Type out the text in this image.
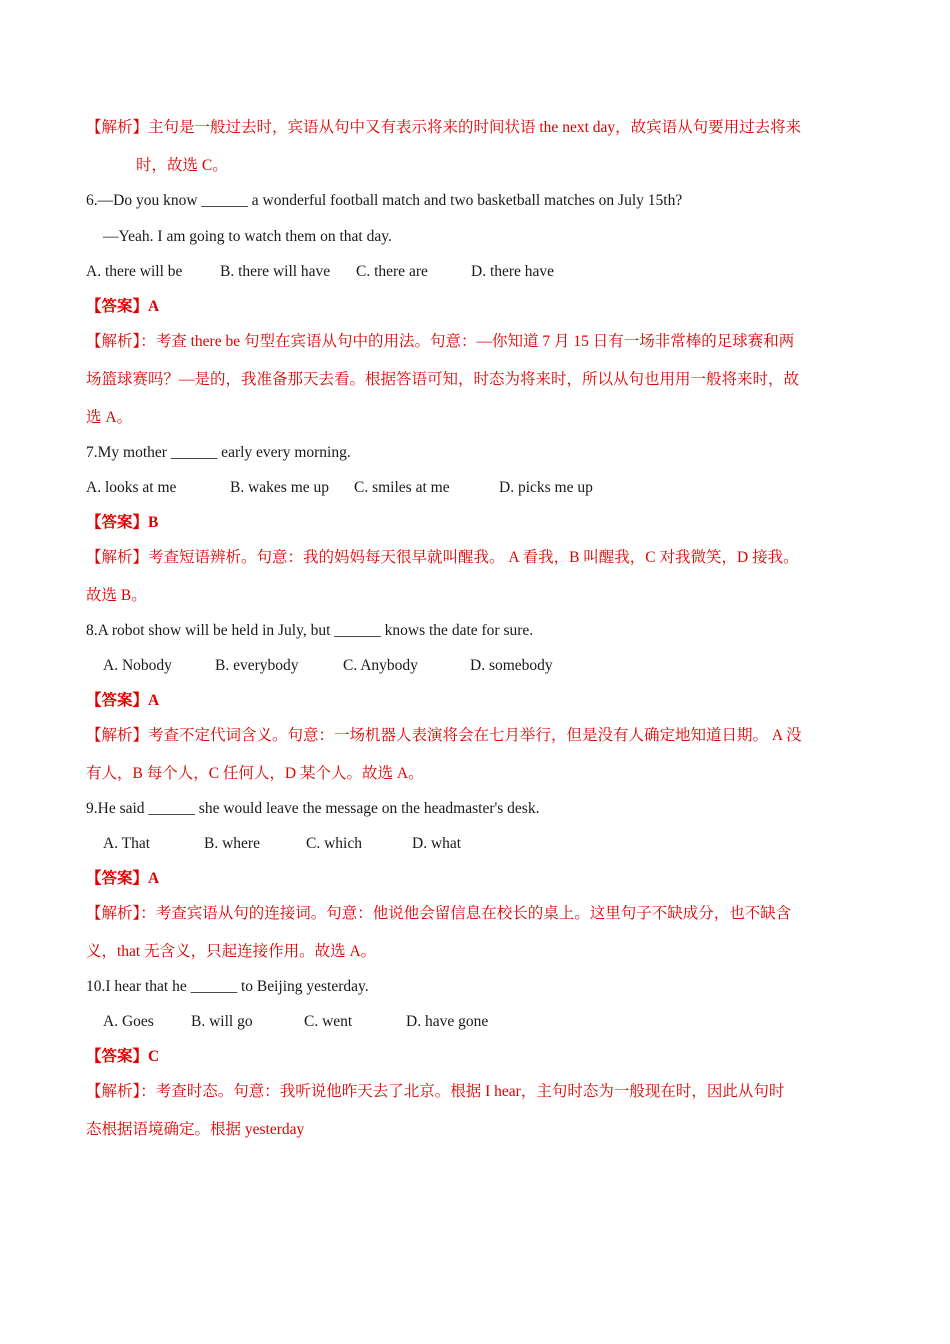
【解析】主句是一般过去时，宾语从句中又有表示将来的时间状语 the next day，故宾语从句要用过去将来
时，故选 C。
6.—Do you know ______ a wonderful football match and two basketball matches on July 15th?
—Yeah. I am going to watch them on that day.
A. there will be B. there will have C. there are	D. there have
【答案】A
【解析】：考查 there be 句型在宾语从句中的用法。句意：—你知道 7 月 15 日有一场非常棒的足球赛和两
场篮球赛吗？—是的，我准备那天去看。根据答语可知，时态为将来时，所以从句也用用一般将来时，故
选 A。
7.My mother ______ early every morning.
A. looks at me	B. wakes me up C. smiles at me	D. picks me up
【答案】B
【解析】考查短语辨析。句意：我的妈妈每天很早就叫醒我。 A 看我，B 叫醒我，C 对我微笑，D 接我。
故选 B。
8.A robot show will be held in July, but ______ knows the date for sure.
A. Nobody	B. everybody	C. Anybody	D. somebody
【答案】A
【解析】考查不定代词含义。句意：一场机器人表演将会在七月举行，但是没有人确定地知道日期。 A 没
有人，B 每个人，C 任何人，D 某个人。故选 A。
9.He said ______ she would leave the message on the headmaster's desk.
A. That	B. where	C. which	D. what
【答案】A
【解析】：考查宾语从句的连接词。句意：他说他会留信息在校长的桌上。这里句子不缺成分，也不缺含
义，that 无含义，只起连接作用。故选 A。
10.I hear that he ______ to Beijing yesterday.
A. Goes B. will go	C. went	D. have gone
【答案】C
【解析】：考查时态。句意：我听说他昨天去了北京。根据 I hear，主句时态为一般现在时，因此从句时
态根据语境确定。根据 yesterday
